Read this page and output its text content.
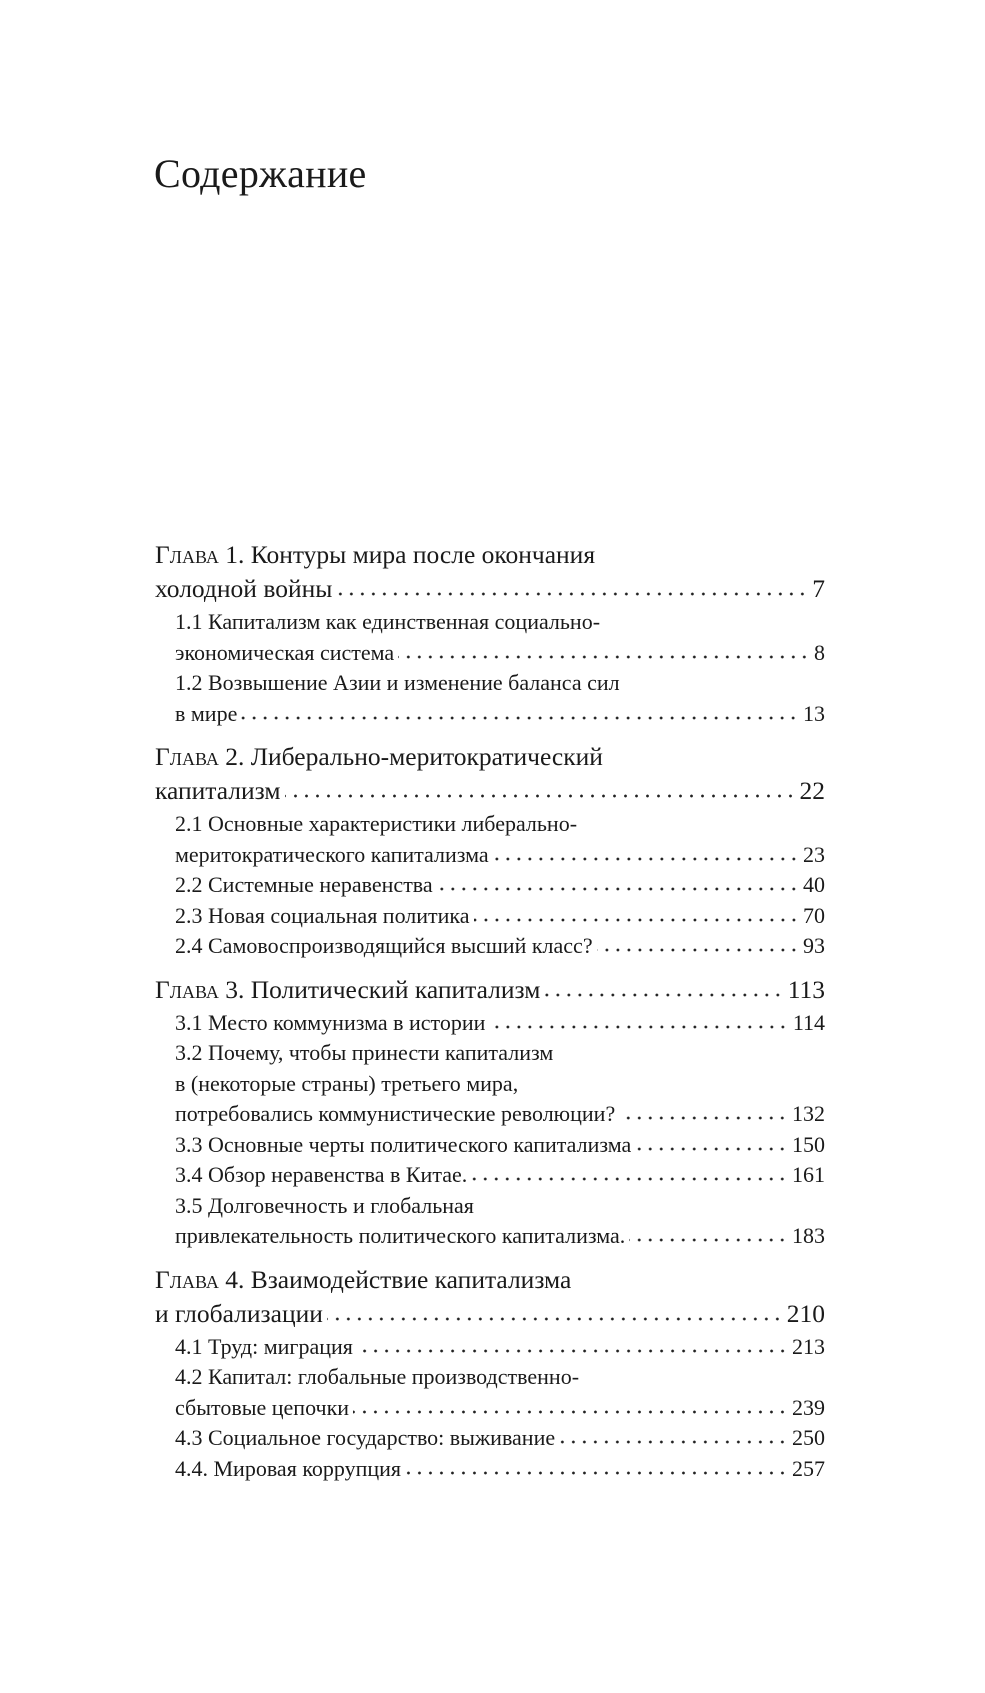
Содержание
Глава 1.
Контуры мира после окончания
холодной войны	7
1.1 Капитализм как единственная социально-
экономическая система	8
1.2 Возвышение Азии и изменение баланса сил
в мире	13
Глава 2.
Либерально-меритократический
капитализм	22
2.1 Основные характеристики либерально-
меритократического капитализма	23
2.2 Системные неравенства	40
2.3 Новая социальная политика	70
2.4 Самовоспроизводящийся высший класс?	93
Глава 3.
Политический капитализм	113
3.1 Место коммунизма в истории	114
3.2 Почему, чтобы принести капитализм
в (некоторые страны) третьего мира,
потребовались коммунистические революции?	132
3.3 Основные черты политического капитализма	150
3.4 Обзор неравенства в Китае.	161
3.5 Долговечность и глобальная
привлекательность политического капитализма.	183
Глава 4.
Взаимодействие капитализма
и глобализации	210
4.1 Труд: миграция	213
4.2 Капитал: глобальные производственно-
сбытовые цепочки	239
4.3 Социальное государство: выживание	250
4.4. Мировая коррупция	257
